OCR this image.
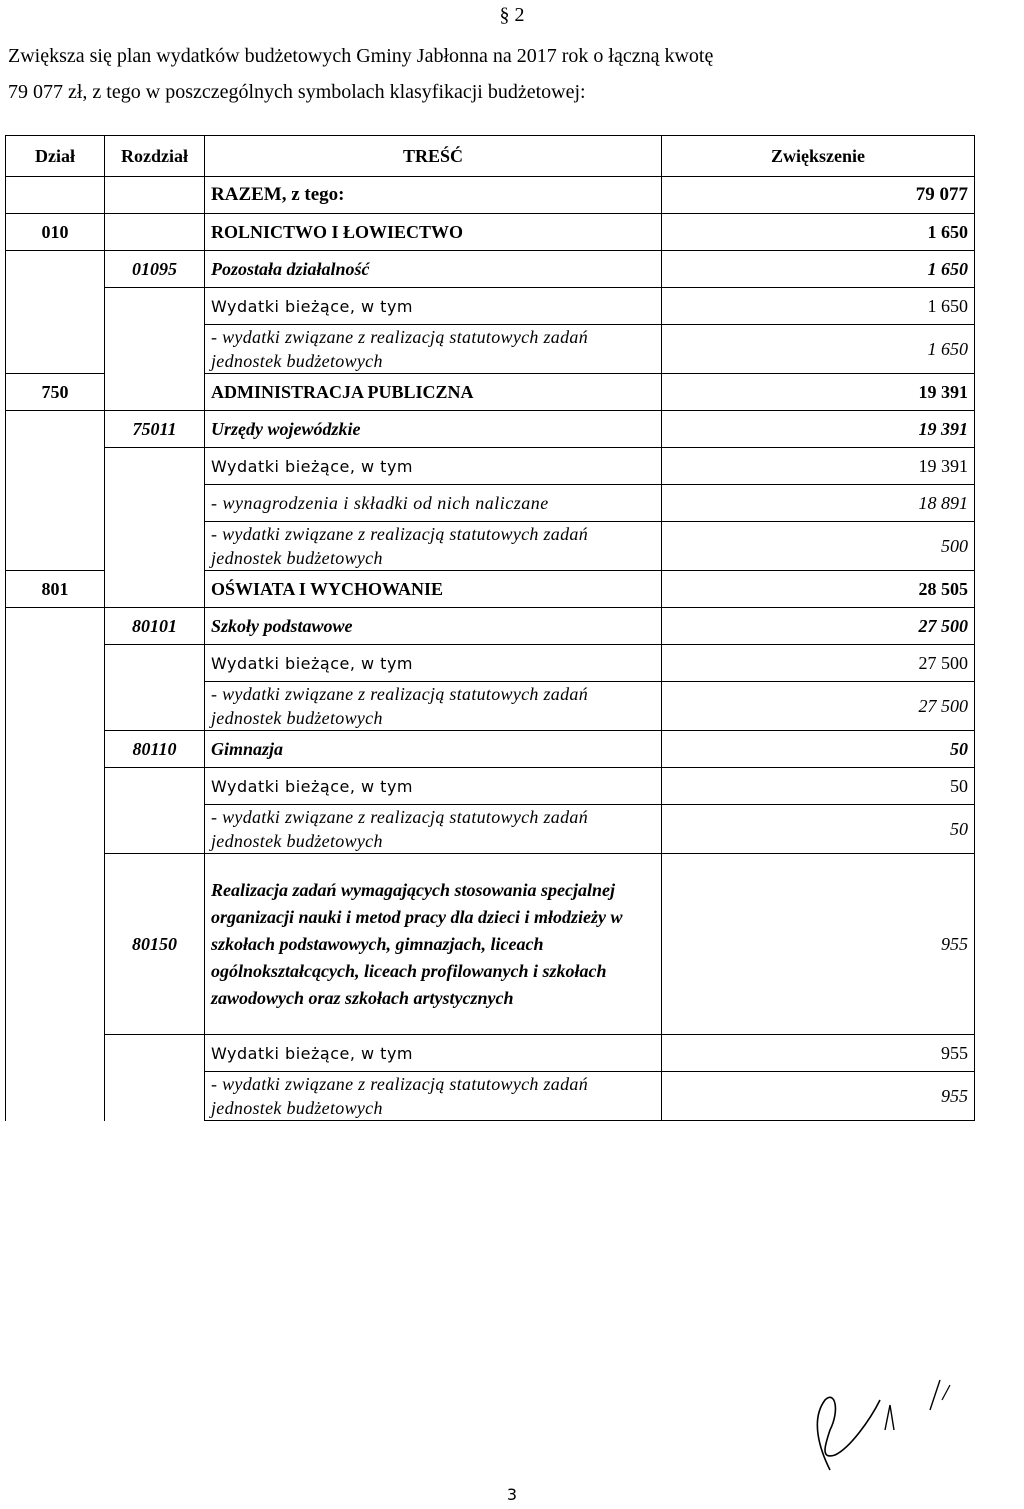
§ 2
Zwiększa się plan wydatków budżetowych Gminy Jabłonna na 2017 rok o łączną kwotę
79 077 zł, z tego w poszczególnych symbolach klasyfikacji budżetowej:
Dział	Rozdział	TREŚĆ	Zwiększenie
		RAZEM, z tego:	79 077
010		ROLNICTWO I ŁOWIECTWO	1 650
	01095	Pozostała działalność	1 650
		Wydatki bieżące, w tym	1 650
		- wydatki związane z realizacją statutowych zadań jednostek budżetowych	1 650
750		ADMINISTRACJA PUBLICZNA	19 391
	75011	Urzędy wojewódzkie	19 391
		Wydatki bieżące, w tym	19 391
		- wynagrodzenia i składki od nich naliczane	18 891
		- wydatki związane z realizacją statutowych zadań jednostek budżetowych	500
801		OŚWIATA I WYCHOWANIE	28 505
	80101	Szkoły podstawowe	27 500
		Wydatki bieżące, w tym	27 500
		- wydatki związane z realizacją statutowych zadań jednostek budżetowych	27 500
	80110	Gimnazja	50
		Wydatki bieżące, w tym	50
		- wydatki związane z realizacją statutowych zadań jednostek budżetowych	50
	80150	Realizacja zadań wymagających stosowania specjalnej organizacji nauki i metod pracy dla dzieci i młodzieży w szkołach podstawowych, gimnazjach, liceach ogólnokształcących, liceach profilowanych i szkołach zawodowych oraz szkołach artystycznych	955
		Wydatki bieżące, w tym	955
		- wydatki związane z realizacją statutowych zadań jednostek budżetowych	955
3
